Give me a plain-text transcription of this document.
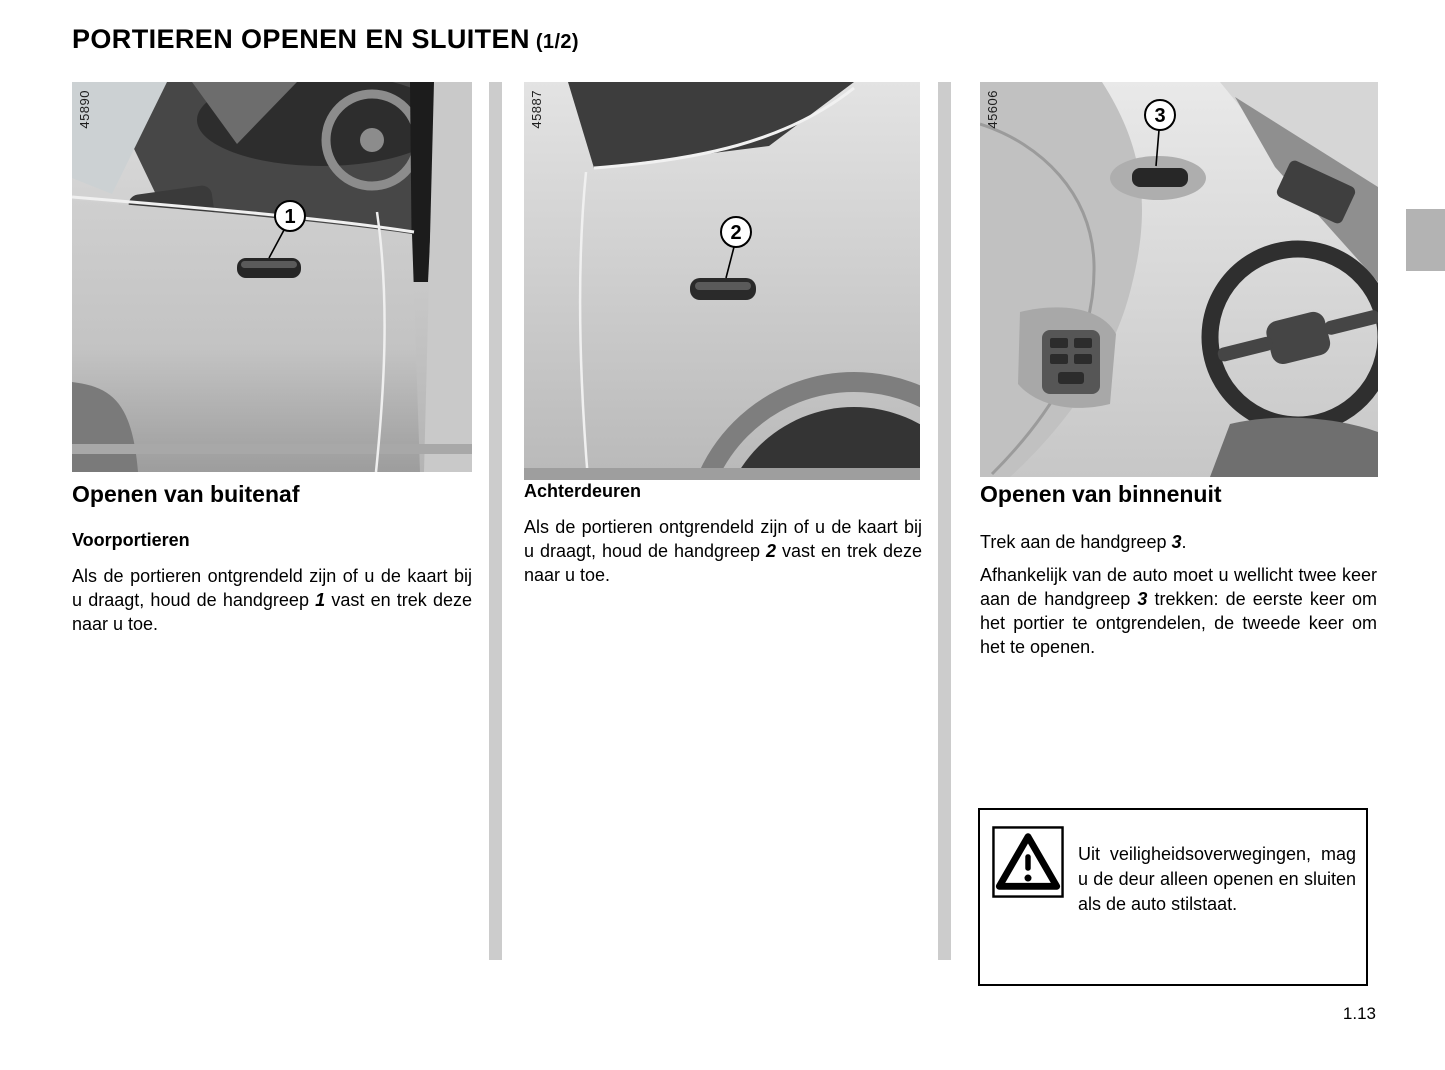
PORTIEREN OPENEN EN SLUITEN (1/2)
1
45890
2
45887	3
45606
Openen van buitenaf
Voorportieren

Als de portieren ontgrendeld zijn of u de kaart bij u draagt, houd de handgreep 1 vast en trek deze naar u toe.

Achterdeuren

Als de portieren ontgrendeld zijn of u de kaart bij u draagt, houd de handgreep 2 vast en trek deze naar u toe.

Openen van binnenuit

Trek aan de handgreep 3.

Afhankelijk van de auto moet u wellicht twee keer aan de handgreep 3 trekken: de eerste keer om het portier te ontgrendelen, de tweede keer om het te openen.

Uit veiligheidsoverwegingen, mag u de deur alleen openen en sluiten als de auto stilstaat.

1.13
